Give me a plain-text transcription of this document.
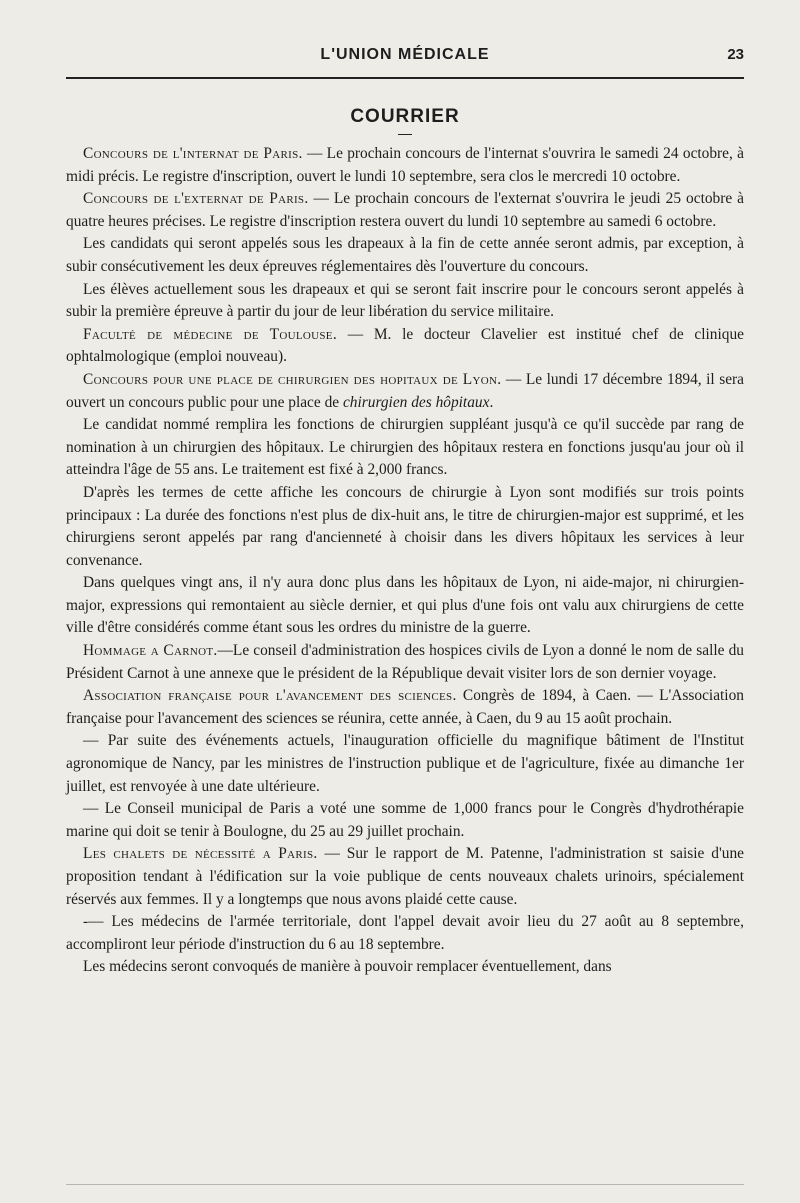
L'UNION MÉDICALE	23
COURRIER

Concours de l'internat de Paris. — Le prochain concours de l'internat s'ouvrira le samedi 24 octobre, à midi précis. Le registre d'inscription, ouvert le lundi 10 septembre, sera clos le mercredi 10 octobre.

Concours de l'externat de Paris. — Le prochain concours de l'externat s'ouvrira le jeudi 25 octobre à quatre heures précises. Le registre d'inscription restera ouvert du lundi 10 septembre au samedi 6 octobre.

Les candidats qui seront appelés sous les drapeaux à la fin de cette année seront admis, par exception, à subir consécutivement les deux épreuves réglementaires dès l'ouverture du concours.

Les élèves actuellement sous les drapeaux et qui se seront fait inscrire pour le concours seront appelés à subir la première épreuve à partir du jour de leur libération du service militaire.

Faculté de médecine de Toulouse. — M. le docteur Clavelier est institué chef de clinique ophtalmologique (emploi nouveau).

Concours pour une place de chirurgien des hopitaux de Lyon. — Le lundi 17 décembre 1894, il sera ouvert un concours public pour une place de chirurgien des hôpitaux.

Le candidat nommé remplira les fonctions de chirurgien suppléant jusqu'à ce qu'il succède par rang de nomination à un chirurgien des hôpitaux. Le chirurgien des hôpitaux restera en fonctions jusqu'au jour où il atteindra l'âge de 55 ans. Le traitement est fixé à 2,000 francs.

D'après les termes de cette affiche les concours de chirurgie à Lyon sont modifiés sur trois points principaux : La durée des fonctions n'est plus de dix-huit ans, le titre de chirurgien-major est supprimé, et les chirurgiens seront appelés par rang d'ancienneté à choisir dans les divers hôpitaux les services à leur convenance.

Dans quelques vingt ans, il n'y aura donc plus dans les hôpitaux de Lyon, ni aide-major, ni chirurgien-major, expressions qui remontaient au siècle dernier, et qui plus d'une fois ont valu aux chirurgiens de cette ville d'être considérés comme étant sous les ordres du ministre de la guerre.

Hommage a Carnot.—Le conseil d'administration des hospices civils de Lyon a donné le nom de salle du Président Carnot à une annexe que le président de la République devait visiter lors de son dernier voyage.

Association française pour l'avancement des sciences. Congrès de 1894, à Caen. — L'Association française pour l'avancement des sciences se réunira, cette année, à Caen, du 9 au 15 août prochain.

— Par suite des événements actuels, l'inauguration officielle du magnifique bâtiment de l'Institut agronomique de Nancy, par les ministres de l'instruction publique et de l'agriculture, fixée au dimanche 1er juillet, est renvoyée à une date ultérieure.

— Le Conseil municipal de Paris a voté une somme de 1,000 francs pour le Congrès d'hydrothérapie marine qui doit se tenir à Boulogne, du 25 au 29 juillet prochain.

Les chalets de nécessité a Paris. — Sur le rapport de M. Patenne, l'administration st saisie d'une proposition tendant à l'édification sur la voie publique de cents nouveaux chalets urinoirs, spécialement réservés aux femmes. Il y a longtemps que nous avons plaidé cette cause.

-— Les médecins de l'armée territoriale, dont l'appel devait avoir lieu du 27 août au 8 septembre, accompliront leur période d'instruction du 6 au 18 septembre.

Les médecins seront convoqués de manière à pouvoir remplacer éventuellement, dans
